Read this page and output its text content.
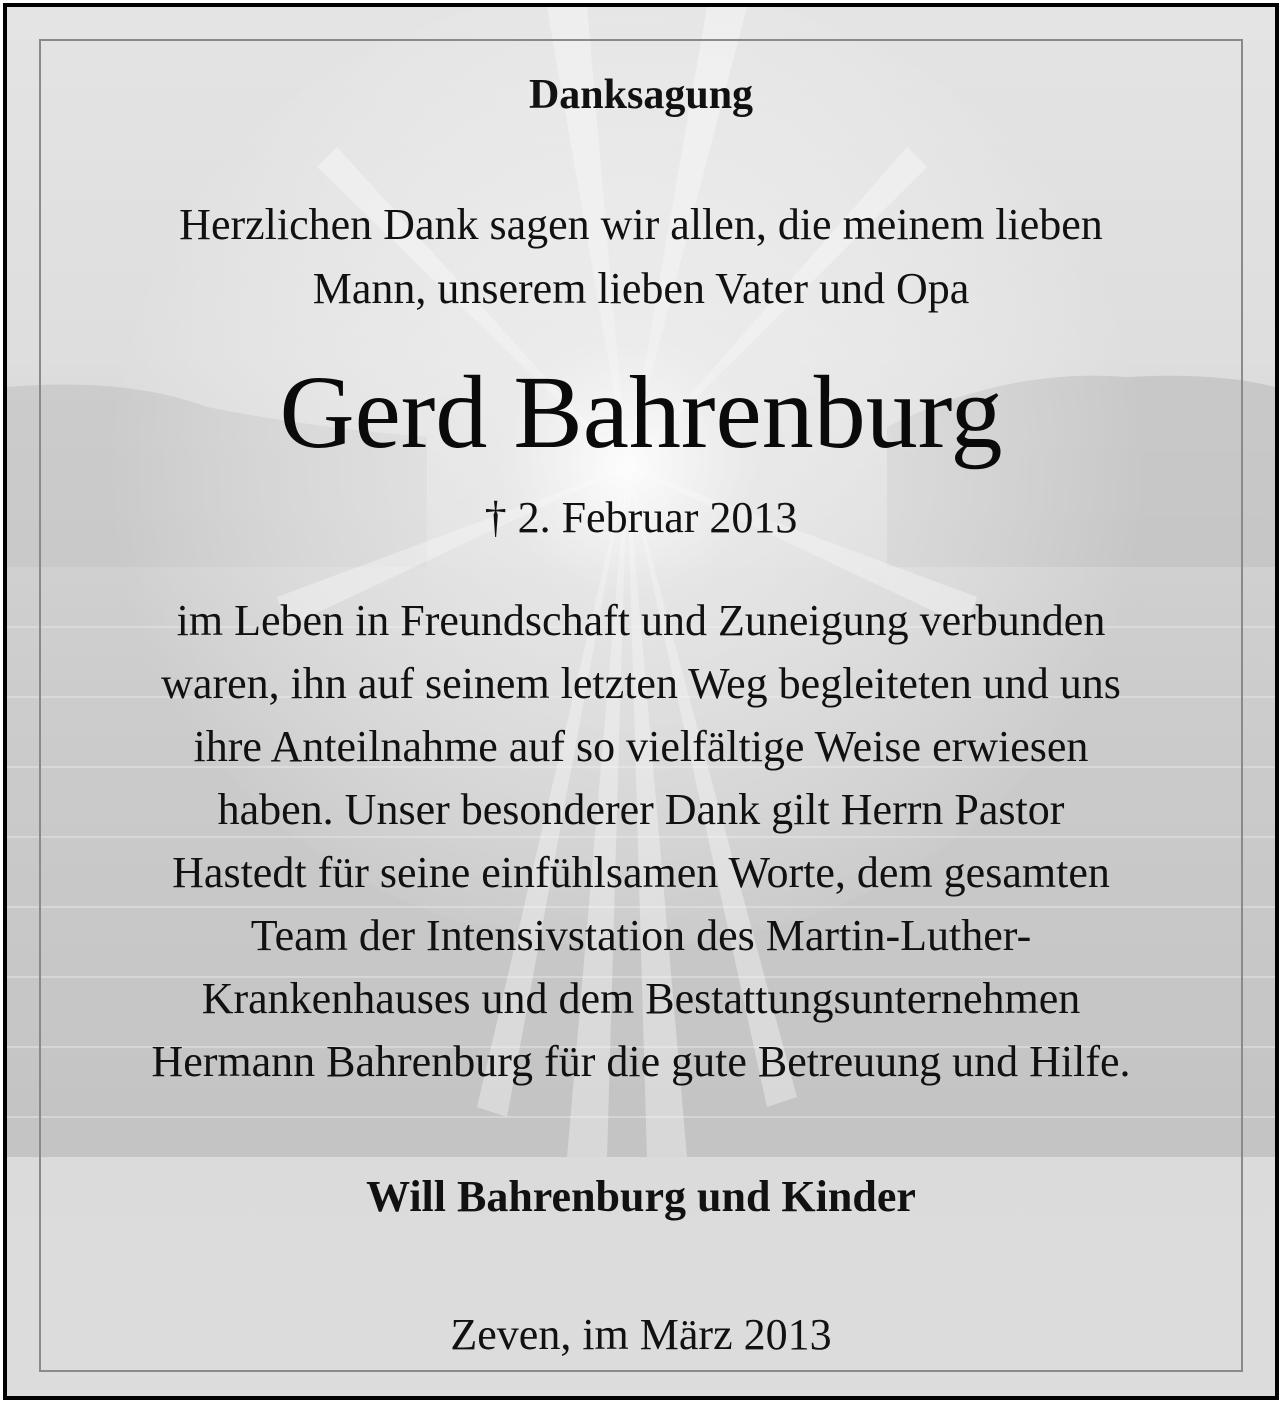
Danksagung

Herzlichen Dank sagen wir allen, die meinem lieben
Mann, unserem lieben Vater und Opa

Gerd Bahrenburg

† 2. Februar 2013

im Leben in Freundschaft und Zuneigung verbunden
waren, ihn auf seinem letzten Weg begleiteten und uns
ihre Anteilnahme auf so vielfältige Weise erwiesen
haben. Unser besonderer Dank gilt Herrn Pastor
Hastedt für seine einfühlsamen Worte, dem gesamten
Team der Intensivstation des Martin-Luther-
Krankenhauses und dem Bestattungsunternehmen
Hermann Bahrenburg für die gute Betreuung und Hilfe.

Will Bahrenburg und Kinder

Zeven, im März 2013
